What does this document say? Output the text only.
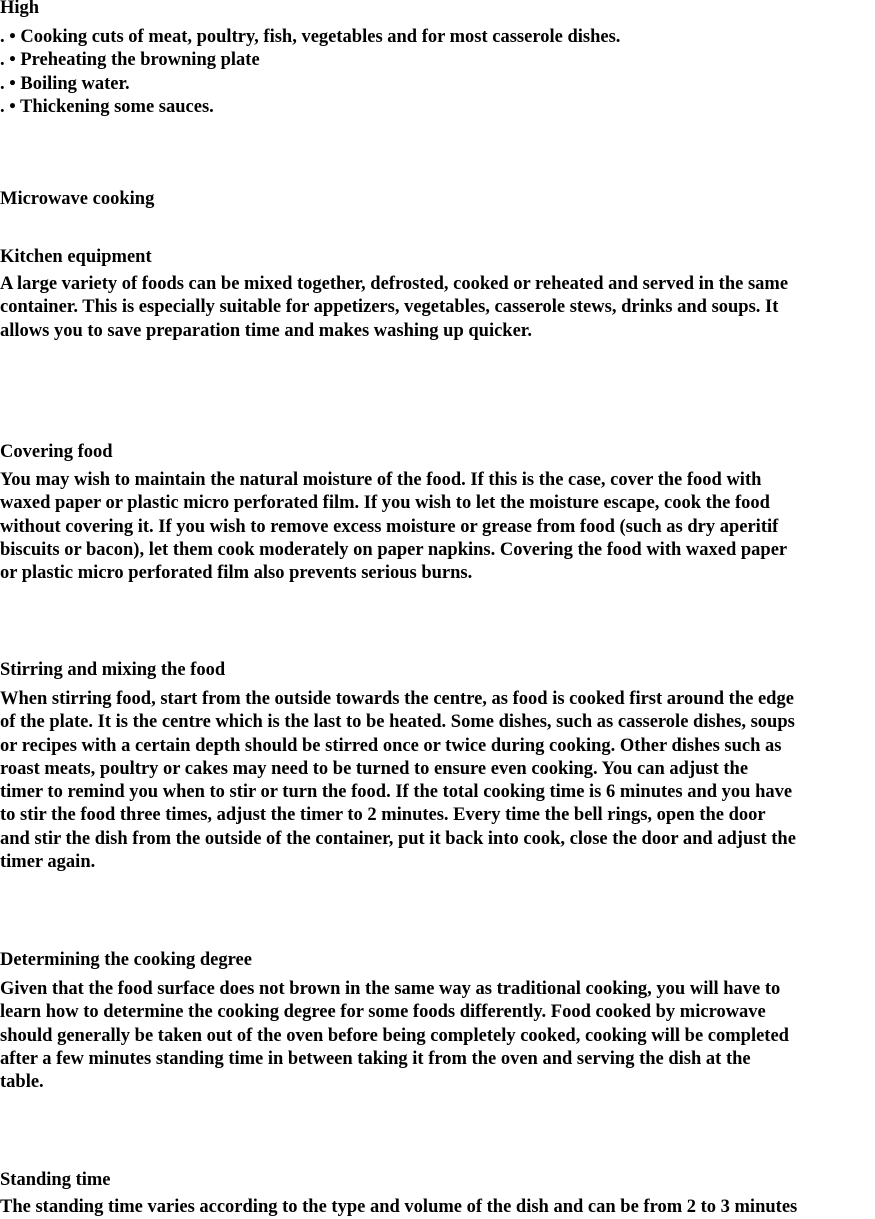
High
. • Cooking cuts of meat, poultry, fish, vegetables and for most casserole dishes.
. • Preheating the browning plate
. • Boiling water.
. • Thickening some sauces.
Microwave cooking
Kitchen equipment
A large variety of foods can be mixed together, defrosted, cooked or reheated and served in the same
container. This is especially suitable for appetizers, vegetables, casserole stews, drinks and soups. It
allows you to save preparation time and makes washing up quicker.
Covering food
You may wish to maintain the natural moisture of the food. If this is the case, cover the food with
waxed paper or plastic micro perforated film. If you wish to let the moisture escape, cook the food
without covering it. If you wish to remove excess moisture or grease from food (such as dry aperitif
biscuits or bacon), let them cook moderately on paper napkins. Covering the food with waxed paper
or plastic micro perforated film also prevents serious burns.
Stirring and mixing the food
When stirring food, start from the outside towards the centre, as food is cooked first around the edge
of the plate. It is the centre which is the last to be heated. Some dishes, such as casserole dishes, soups
or recipes with a certain depth should be stirred once or twice during cooking. Other dishes such as
roast meats, poultry or cakes may need to be turned to ensure even cooking. You can adjust the
timer to remind you when to stir or turn the food. If the total cooking time is 6 minutes and you have
to stir the food three times, adjust the timer to 2 minutes. Every time the bell rings, open the door
and stir the dish from the outside of the container, put it back into cook, close the door and adjust the
timer again.
Determining the cooking degree
Given that the food surface does not brown in the same way as traditional cooking, you will have to
learn how to determine the cooking degree for some foods differently. Food cooked by microwave
should generally be taken out of the oven before being completely cooked, cooking will be completed
after a few minutes standing time in between taking it from the oven and serving the dish at the
table.
Standing time
The standing time varies according to the type and volume of the dish and can be from 2 to 3 minutes
